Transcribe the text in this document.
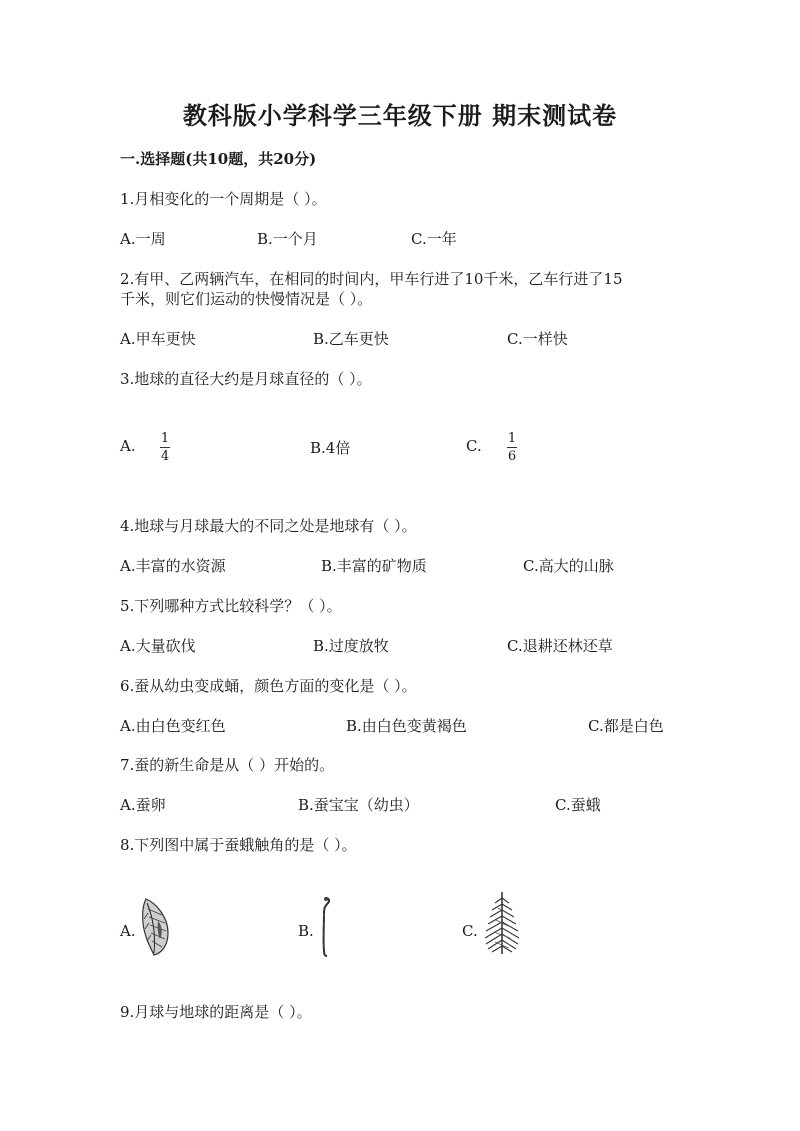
教科版小学科学三年级下册 期末测试卷
一.选择题(共10题，共20分)
1.月相变化的一个周期是（ ）。
A.一周	B.一个月	C.一年
2.有甲、乙两辆汽车，在相同的时间内，甲车行进了10千米，乙车行进了15
千米，则它们运动的快慢情况是（ ）。
A.甲车更快	B.乙车更快	C.一样快
3.地球的直径大约是月球直径的（ ）。
A. 1
4	B.4倍	C. 1
6
4.地球与月球最大的不同之处是地球有（ ）。
A.丰富的水资源	B.丰富的矿物质	C.高大的山脉
5.下列哪种方式比较科学？（ ）。
A.大量砍伐	B.过度放牧	C.退耕还林还草
6.蚕从幼虫变成蛹，颜色方面的变化是（ ）。
A.由白色变红色	B.由白色变黄褐色	C.都是白色
7.蚕的新生命是从（ ）开始的。
A.蚕卵	B.蚕宝宝（幼虫）	C.蚕蛾
8.下列图中属于蚕蛾触角的是（ ）。
A.	B.	C.
9.月球与地球的距离是（ ）。
